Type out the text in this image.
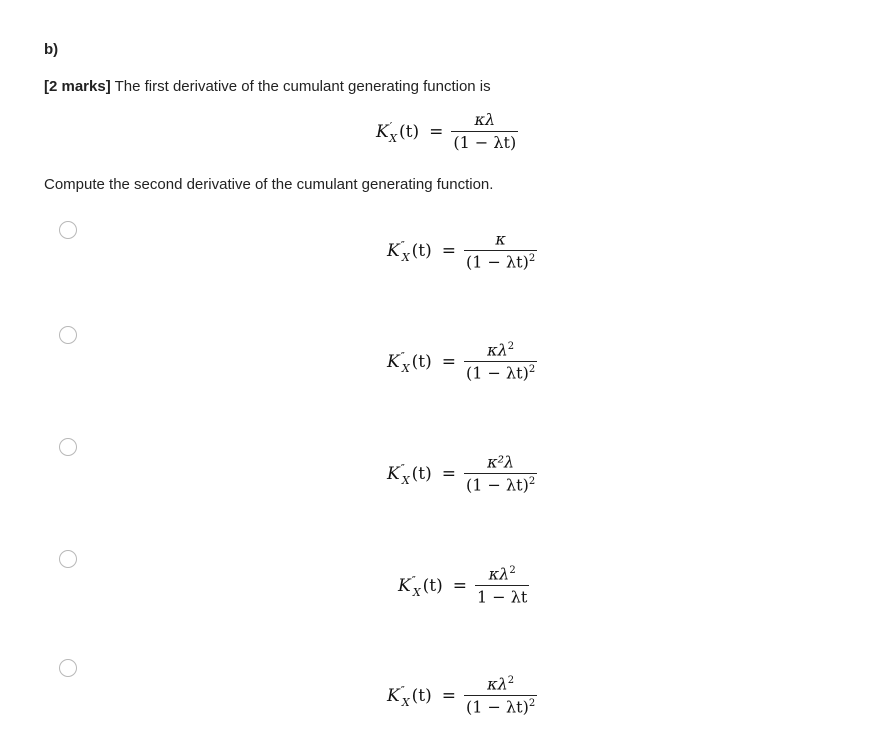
b)
[2 marks] The first derivative of the cumulant generating function is
$K'_X$ $(t) = \frac{\kappa\lambda}{(1 - \lambda t)}$
Compute the second derivative of the cumulant generating function.
$K''_X$ $(t) = \frac{\kappa}{(1 - \lambda t)^2}$
$K''_X$ $(t) = \frac{\kappa\lambda^2}{(1 - \lambda t)^2}$
$K''_X$ $(t) = \frac{\text{κ²λ}}{(1 - \lambda t)^2}$
$K''_X$ $(t) = \frac{\kappa\lambda^2}{1 - \lambda t}$
$K''_X$ $(t) = \frac{\kappa\lambda^2}{(1 - \lambda t)^2}$
